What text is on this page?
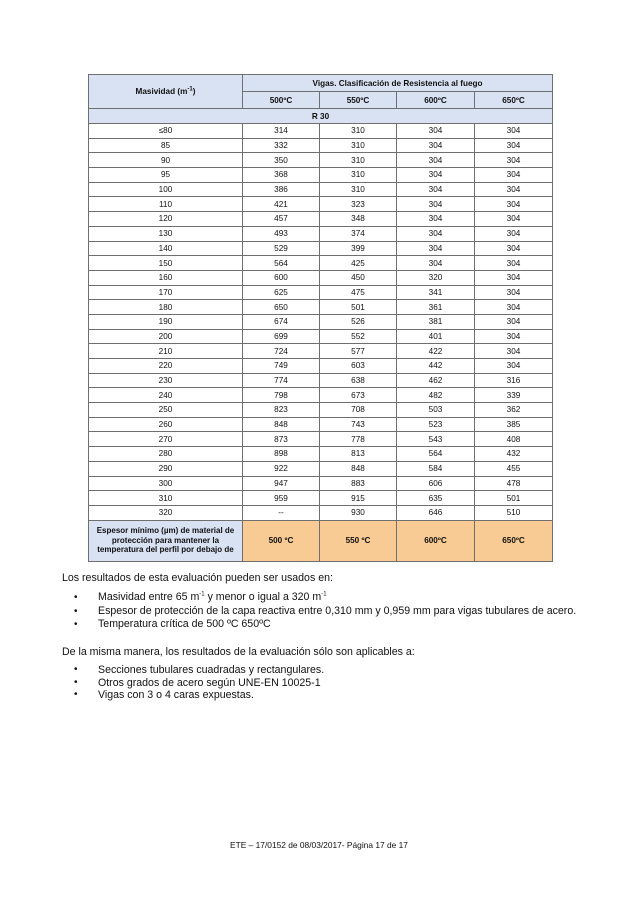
Masividad $(m^{-1})$	Vigas. Clasificación de Resistencia al fuego			
	500ºC	550ºC	600ºC	650ºC
R 30				
≤80	314	310	304	304
85	332	310	304	304
90	350	310	304	304
95	368	310	304	304
100	386	310	304	304
110	421	323	304	304
120	457	348	304	304
130	493	374	304	304
140	529	399	304	304
150	564	425	304	304
160	600	450	320	304
170	625	475	341	304
180	650	501	361	304
190	674	526	381	304
200	699	552	401	304
210	724	577	422	304
220	749	603	442	304
230	774	638	462	316
240	798	673	482	339
250	823	708	503	362
260	848	743	523	385
270	873	778	543	408
280	898	813	564	432
290	922	848	584	455
300	947	883	606	478
310	959	915	635	501
320	--	930	646	510
Espesor mínimo (µm) de material de protección para mantener la temperatura del perfil por debajo de	500 ºC	550 ºC	600ºC	650ºC
Los resultados de esta evaluación pueden ser usados en:
• Masividad entre 65 $m^{-1}$ y menor o igual a 320 $m^{-1}$
• Espesor de protección de la capa reactiva entre 0,310 mm y 0,959 mm para vigas tubulares de acero.
• Temperatura crítica de 500 ºC 650ºC
De la misma manera, los resultados de la evaluación sólo son aplicables a:
• Secciones tubulares cuadradas y rectangulares.
• Otros grados de acero según UNE-EN 10025-1
• Vigas con 3 o 4 caras expuestas.
ETE – 17/0152 de 08/03/2017- Página 17 de 17
